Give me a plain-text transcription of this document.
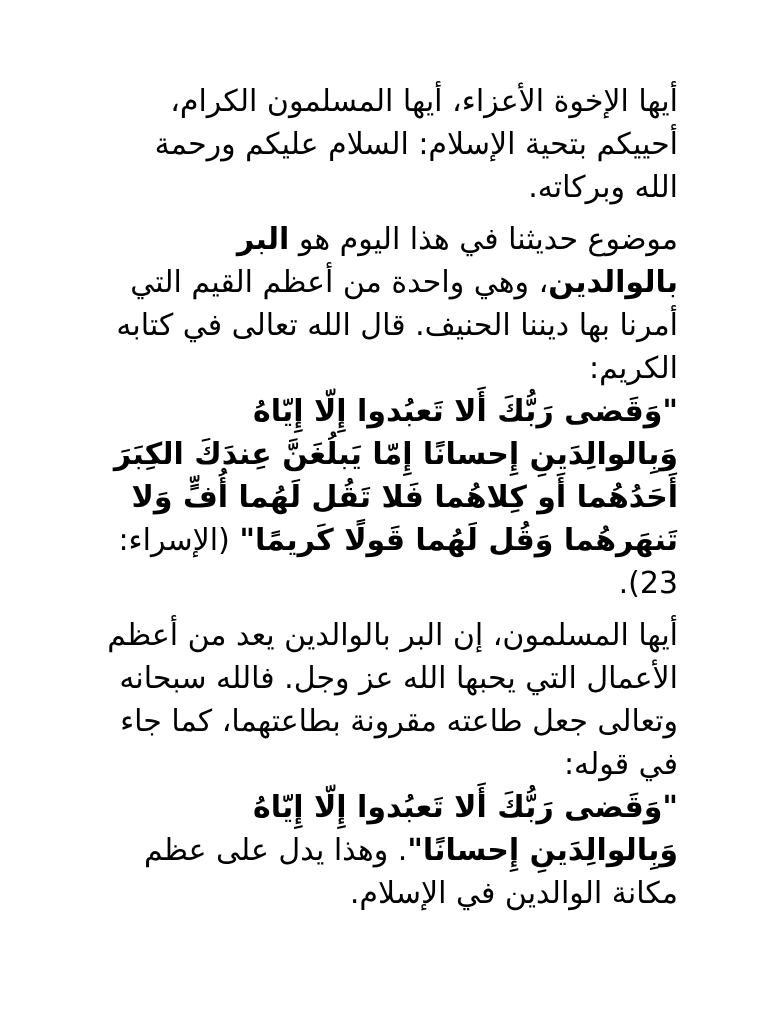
أيها الإخوة الأعزاء، أيها المسلمون الكرام، أحييكم بتحية الإسلام: السلام عليكم ورحمة الله وبركاته.

موضوع حديثنا في هذا اليوم هو البر بالوالدين، وهي واحدة من أعظم القيم التي أمرنا بها ديننا الحنيف. قال الله تعالى في كتابه الكريم:
"وَقَضى رَبُّكَ أَلا تَعبُدوا إِلّا إِيّاهُ وَبِالوالِدَينِ إِحسانًا إِمّا يَبلُغَنَّ عِندَكَ الكِبَرَ أَحَدُهُما أَو كِلاهُما فَلا تَقُل لَهُما أُفٍّ وَلا تَنهَرهُما وَقُل لَهُما قَولًا كَريمًا" (الإسراء: 23).

أيها المسلمون، إن البر بالوالدين يعد من أعظم الأعمال التي يحبها الله عز وجل. فالله سبحانه وتعالى جعل طاعته مقرونة بطاعتهما، كما جاء في قوله:
"وَقَضى رَبُّكَ أَلا تَعبُدوا إِلّا إِيّاهُ وَبِالوالِدَينِ إِحسانًا". وهذا يدل على عظم مكانة الوالدين في الإسلام.
